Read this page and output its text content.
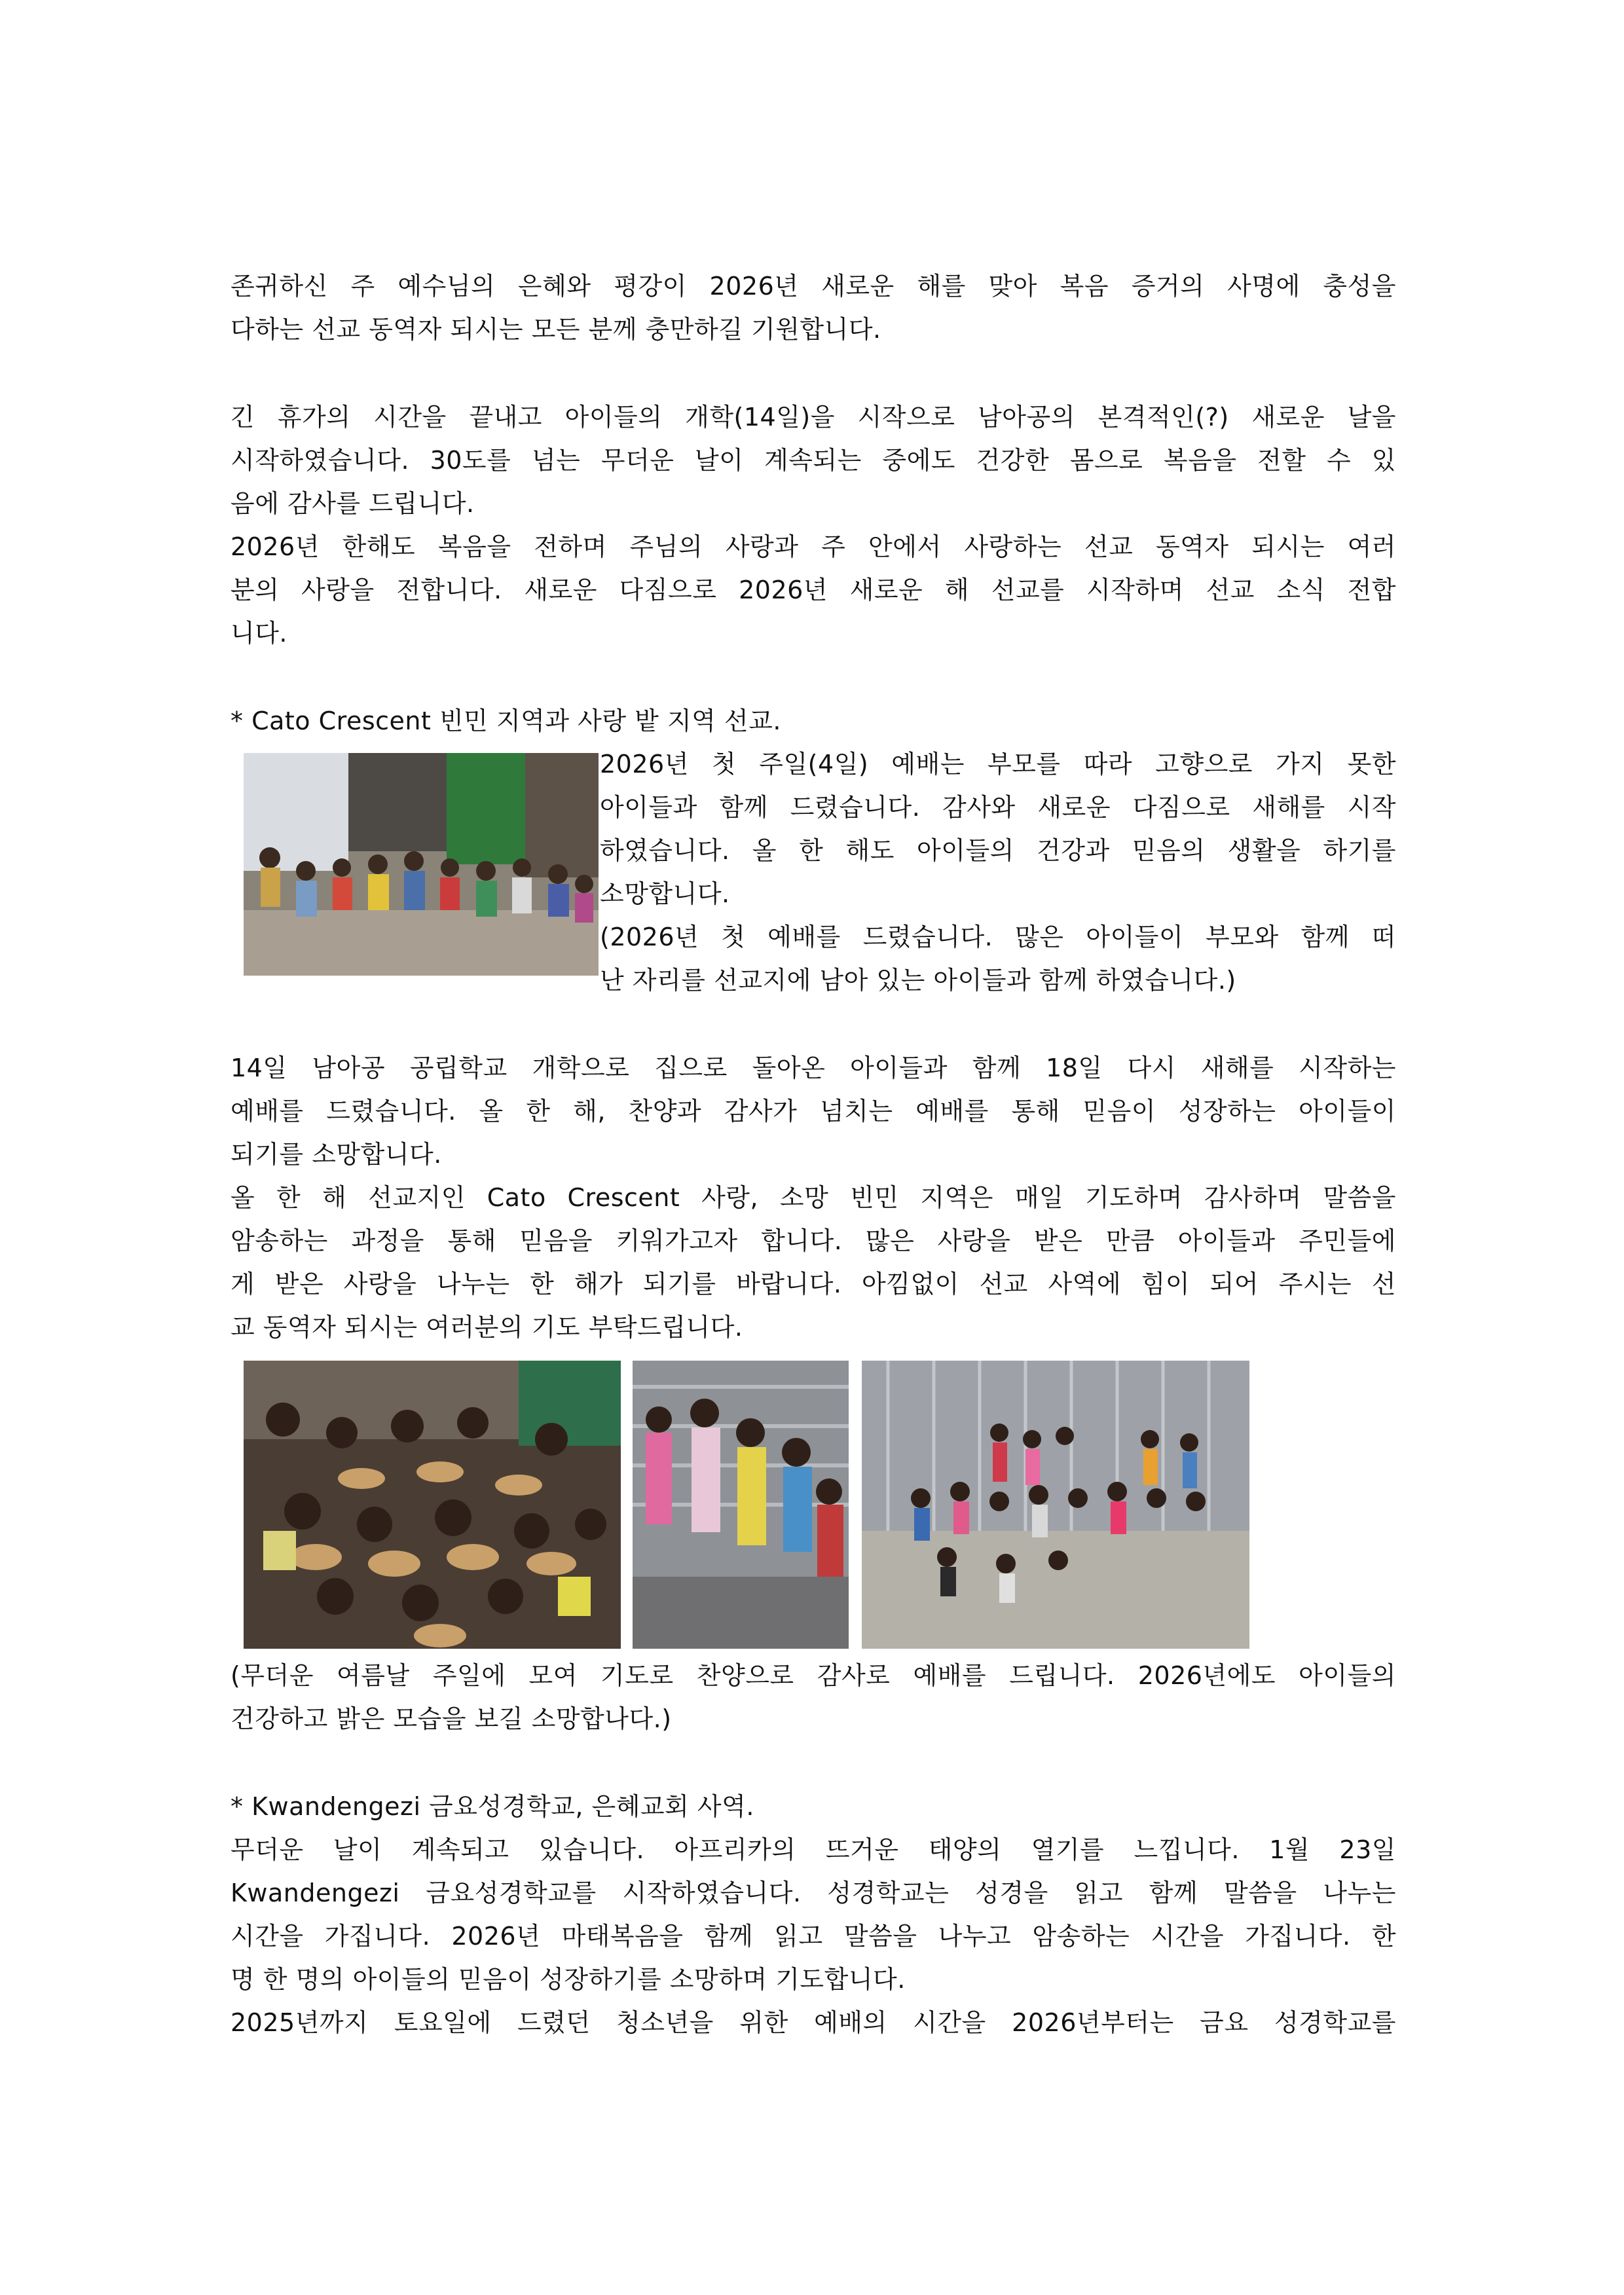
존귀하신 주 예수님의 은혜와 평강이 2026년 새로운 해를 맞아 복음 증거의 사명에 충성을
다하는 선교 동역자 되시는 모든 분께 충만하길 기원합니다.
긴 휴가의 시간을 끝내고 아이들의 개학(14일)을 시작으로 남아공의 본격적인(?) 새로운 날을
시작하였습니다. 30도를 넘는 무더운 날이 계속되는 중에도 건강한 몸으로 복음을 전할 수 있
음에 감사를 드립니다.
2026년 한해도 복음을 전하며 주님의 사랑과 주 안에서 사랑하는 선교 동역자 되시는 여러
분의 사랑을 전합니다. 새로운 다짐으로 2026년 새로운 해 선교를 시작하며 선교 소식 전합
니다.
* Cato Crescent 빈민 지역과 사랑 밭 지역 선교.
2026년 첫 주일(4일) 예배는 부모를 따라 고향으로 가지 못한
아이들과 함께 드렸습니다. 감사와 새로운 다짐으로 새해를 시작
하였습니다. 올 한 해도 아이들의 건강과 믿음의 생활을 하기를
소망합니다.
(2026년 첫 예배를 드렸습니다. 많은 아이들이 부모와 함께 떠
난 자리를 선교지에 남아 있는 아이들과 함께 하였습니다.)
14일 남아공 공립학교 개학으로 집으로 돌아온 아이들과 함께 18일 다시 새해를 시작하는
예배를 드렸습니다. 올 한 해, 찬양과 감사가 넘치는 예배를 통해 믿음이 성장하는 아이들이
되기를 소망합니다.
올 한 해 선교지인 Cato Crescent 사랑, 소망 빈민 지역은 매일 기도하며 감사하며 말씀을
암송하는 과정을 통해 믿음을 키워가고자 합니다. 많은 사랑을 받은 만큼 아이들과 주민들에
게 받은 사랑을 나누는 한 해가 되기를 바랍니다. 아낌없이 선교 사역에 힘이 되어 주시는 선
교 동역자 되시는 여러분의 기도 부탁드립니다.
(무더운 여름날 주일에 모여 기도로 찬양으로 감사로 예배를 드립니다. 2026년에도 아이들의
건강하고 밝은 모습을 보길 소망합나다.)
* Kwandengezi 금요성경학교, 은혜교회 사역.
무더운 날이 계속되고 있습니다. 아프리카의 뜨거운 태양의 열기를 느낍니다. 1월 23일
Kwandengezi 금요성경학교를 시작하였습니다. 성경학교는 성경을 읽고 함께 말씀을 나누는
시간을 가집니다. 2026년 마태복음을 함께 읽고 말씀을 나누고 암송하는 시간을 가집니다. 한
명 한 명의 아이들의 믿음이 성장하기를 소망하며 기도합니다.
2025년까지 토요일에 드렸던 청소년을 위한 예배의 시간을 2026년부터는 금요 성경학교를
